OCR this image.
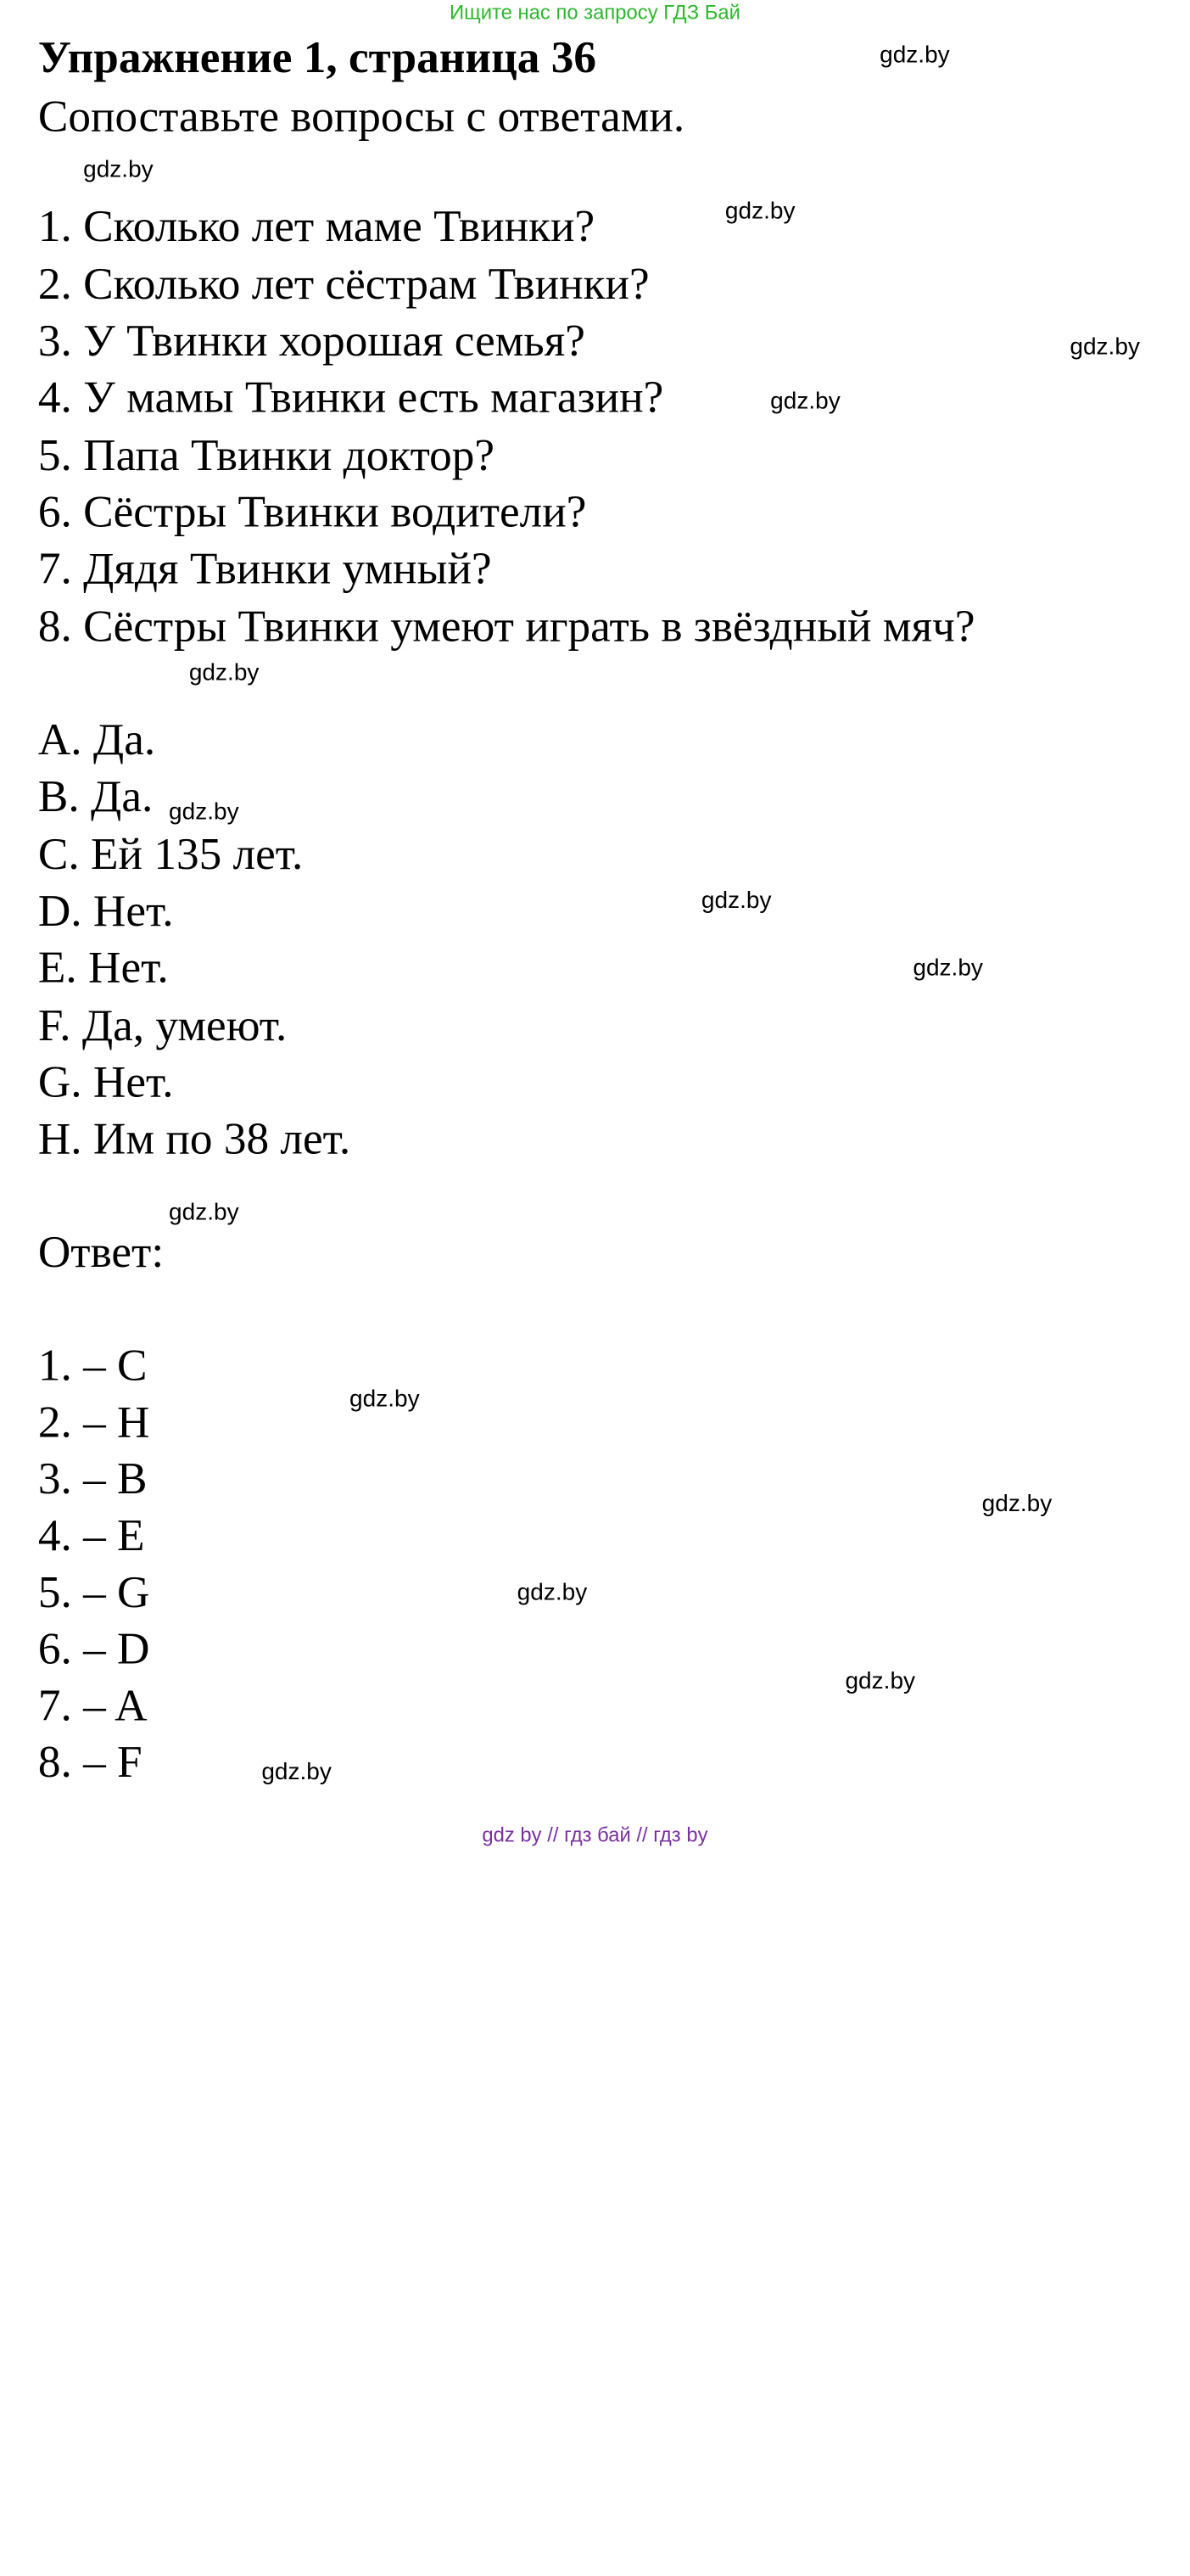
Ищите нас по запросу ГДЗ Бай
Упражнение 1, страница 36
Сопоставьте вопросы с ответами.
1. Сколько лет маме Твинки?
2. Сколько лет сёстрам Твинки?
3. У Твинки хорошая семья?
4. У мамы Твинки есть магазин?
5. Папа Твинки доктор?
6. Сёстры Твинки водители?
7. Дядя Твинки умный?
8. Сёстры Твинки умеют играть в звёздный мяч?
A. Да.
B. Да.
C. Ей 135 лет.
D. Нет.
E. Нет.
F. Да, умеют.
G. Нет.
H. Им по 38 лет.
Ответ:
1. – C
2. – H
3. – B
4. – E
5. – G
6. – D
7. – A
8. – F
gdz.by
gdz.by
gdz.by
gdz.by
gdz.by
gdz.by
gdz.by
gdz.by
gdz.by
gdz.by
gdz.by
gdz.by
gdz.by
gdz.by
gdz.by
gdz by // гдз бай // гдз by
